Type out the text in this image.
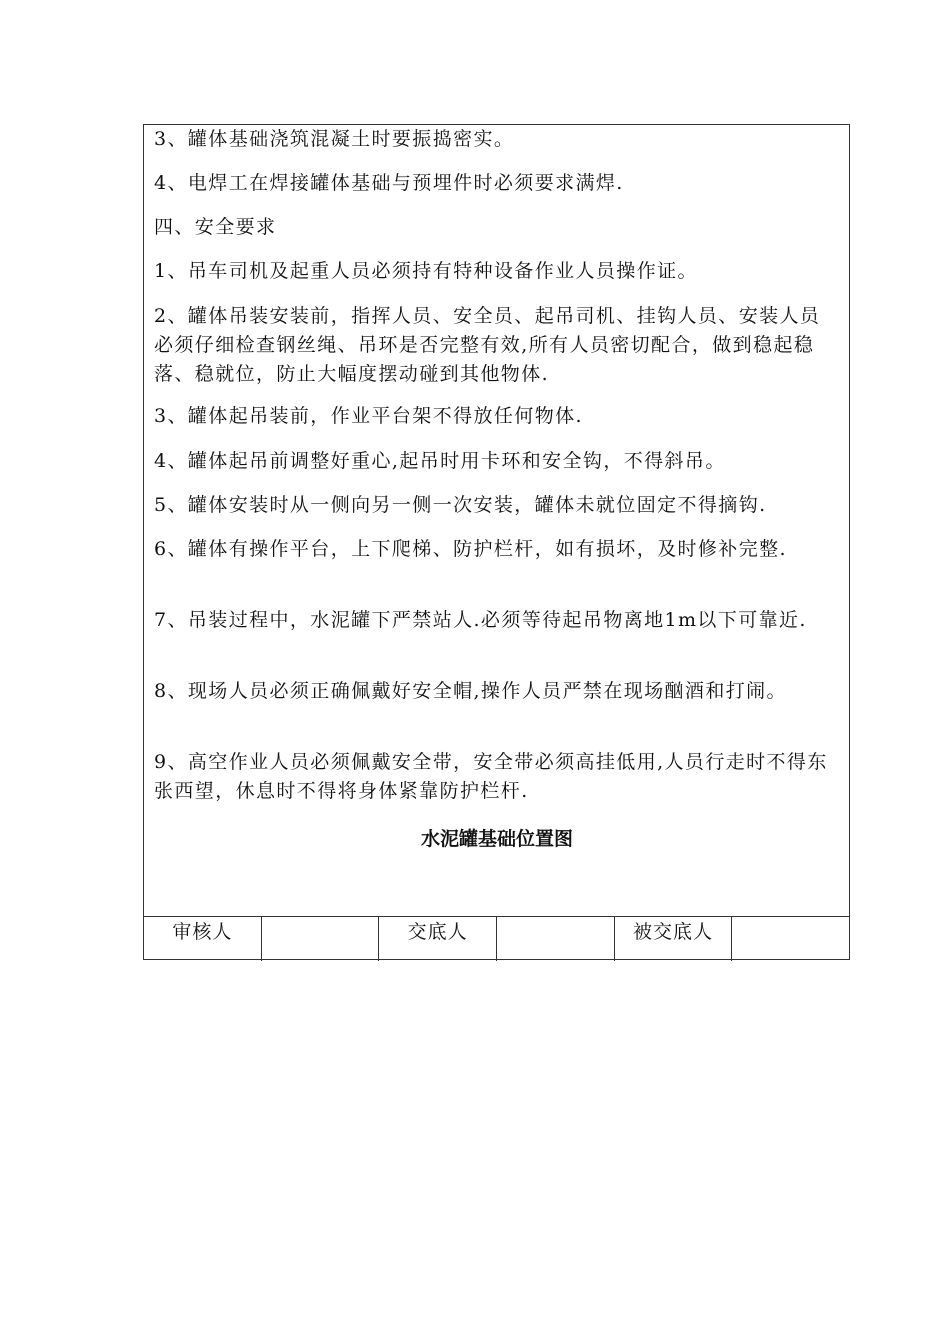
3、罐体基础浇筑混凝土时要振捣密实。

4、电焊工在焊接罐体基础与预埋件时必须要求满焊.

四、安全要求

1、吊车司机及起重人员必须持有特种设备作业人员操作证。

2、罐体吊装安装前，指挥人员、安全员、起吊司机、挂钩人员、安装人员必须仔细检查钢丝绳、吊环是否完整有效,所有人员密切配合，做到稳起稳落、稳就位，防止大幅度摆动碰到其他物体.

3、罐体起吊装前，作业平台架不得放任何物体.

4、罐体起吊前调整好重心,起吊时用卡环和安全钩，不得斜吊。

5、罐体安装时从一侧向另一侧一次安装，罐体未就位固定不得摘钩.

6、罐体有操作平台，上下爬梯、防护栏杆，如有损坏，及时修补完整.

7、吊装过程中，水泥罐下严禁站人.必须等待起吊物离地1m以下可靠近.

8、现场人员必须正确佩戴好安全帽,操作人员严禁在现场酗酒和打闹。

9、高空作业人员必须佩戴安全带，安全带必须高挂低用,人员行走时不得东张西望，休息时不得将身体紧靠防护栏杆.

水泥罐基础位置图
审核人	交底人	被交底人
